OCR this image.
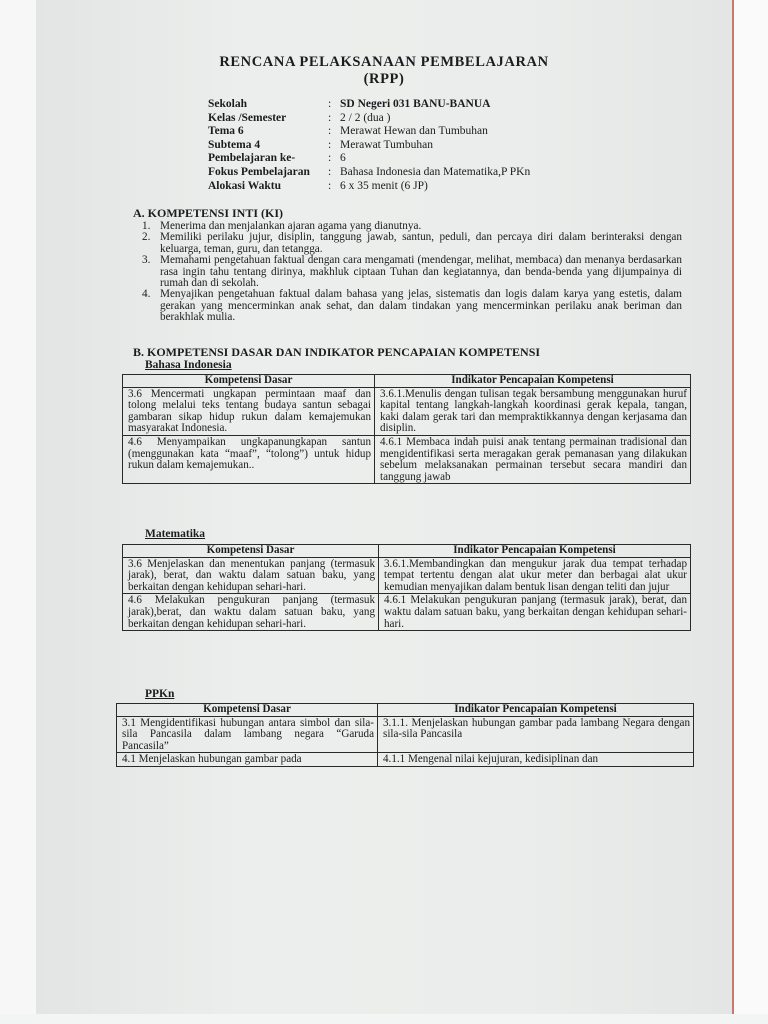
RENCANA PELAKSANAAN PEMBELAJARAN
(RPP)
Sekolah	: SD Negeri 031 BANU-BANUA
Kelas /Semester	: 2 / 2 (dua )
Tema 6	: Merawat Hewan dan Tumbuhan
Subtema 4	: Merawat Tumbuhan
Pembelajaran ke-	: 6
Fokus Pembelajaran	: Bahasa Indonesia dan Matematika,P PKn
Alokasi Waktu	: 6 x 35 menit (6 JP)
A. KOMPETENSI INTI (KI)
1. Menerima dan menjalankan ajaran agama yang dianutnya.
2. Memiliki perilaku jujur, disiplin, tanggung jawab, santun, peduli, dan percaya diri dalam berinteraksi dengan keluarga, teman, guru, dan tetangga.
3. Memahami pengetahuan faktual dengan cara mengamati (mendengar, melihat, membaca) dan menanya berdasarkan rasa ingin tahu tentang dirinya, makhluk ciptaan Tuhan dan kegiatannya, dan benda-benda yang dijumpainya di rumah dan di sekolah.
4. Menyajikan pengetahuan faktual dalam bahasa yang jelas, sistematis dan logis dalam karya yang estetis, dalam gerakan yang mencerminkan anak sehat, dan dalam tindakan yang mencerminkan perilaku anak beriman dan berakhlak mulia.
B. KOMPETENSI DASAR DAN INDIKATOR PENCAPAIAN KOMPETENSI
Bahasa Indonesia
Kompetensi Dasar	Indikator Pencapaian Kompetensi
3.6 Mencermati ungkapan permintaan maaf dan tolong melalui teks tentang budaya santun sebagai gambaran sikap hidup rukun dalam kemajemukan masyarakat Indonesia.	3.6.1.Menulis dengan tulisan tegak bersambung menggunakan huruf kapital tentang langkah-langkah koordinasi gerak kepala, tangan, kaki dalam gerak tari dan mempraktikkannya dengan kerjasama dan disiplin.
4.6 Menyampaikan ungkapanungkapan santun (menggunakan kata “maaf”, “tolong”) untuk hidup rukun dalam kemajemukan..	4.6.1 Membaca indah puisi anak tentang permainan tradisional dan mengidentifikasi serta meragakan gerak pemanasan yang dilakukan sebelum melaksanakan permainan tersebut secara mandiri dan tanggung jawab
Matematika
Kompetensi Dasar	Indikator Pencapaian Kompetensi
3.6 Menjelaskan dan menentukan panjang (termasuk jarak), berat, dan waktu dalam satuan baku, yang berkaitan dengan kehidupan sehari-hari.	3.6.1.Membandingkan dan mengukur jarak dua tempat terhadap tempat tertentu dengan alat ukur meter dan berbagai alat ukur kemudian menyajikan dalam bentuk lisan dengan teliti dan jujur
4.6 Melakukan pengukuran panjang (termasuk jarak),berat, dan waktu dalam satuan baku, yang berkaitan dengan kehidupan sehari-hari.	4.6.1 Melakukan pengukuran panjang (termasuk jarak), berat, dan waktu dalam satuan baku, yang berkaitan dengan kehidupan sehari-hari.
PPKn
Kompetensi Dasar	Indikator Pencapaian Kompetensi
3.1 Mengidentifikasi hubungan antara simbol dan sila-sila Pancasila dalam lambang negara “Garuda Pancasila”	3.1.1. Menjelaskan hubungan gambar pada lambang Negara dengan sila-sila Pancasila
4.1 Menjelaskan hubungan gambar pada	4.1.1 Mengenal nilai kejujuran, kedisiplinan dan
